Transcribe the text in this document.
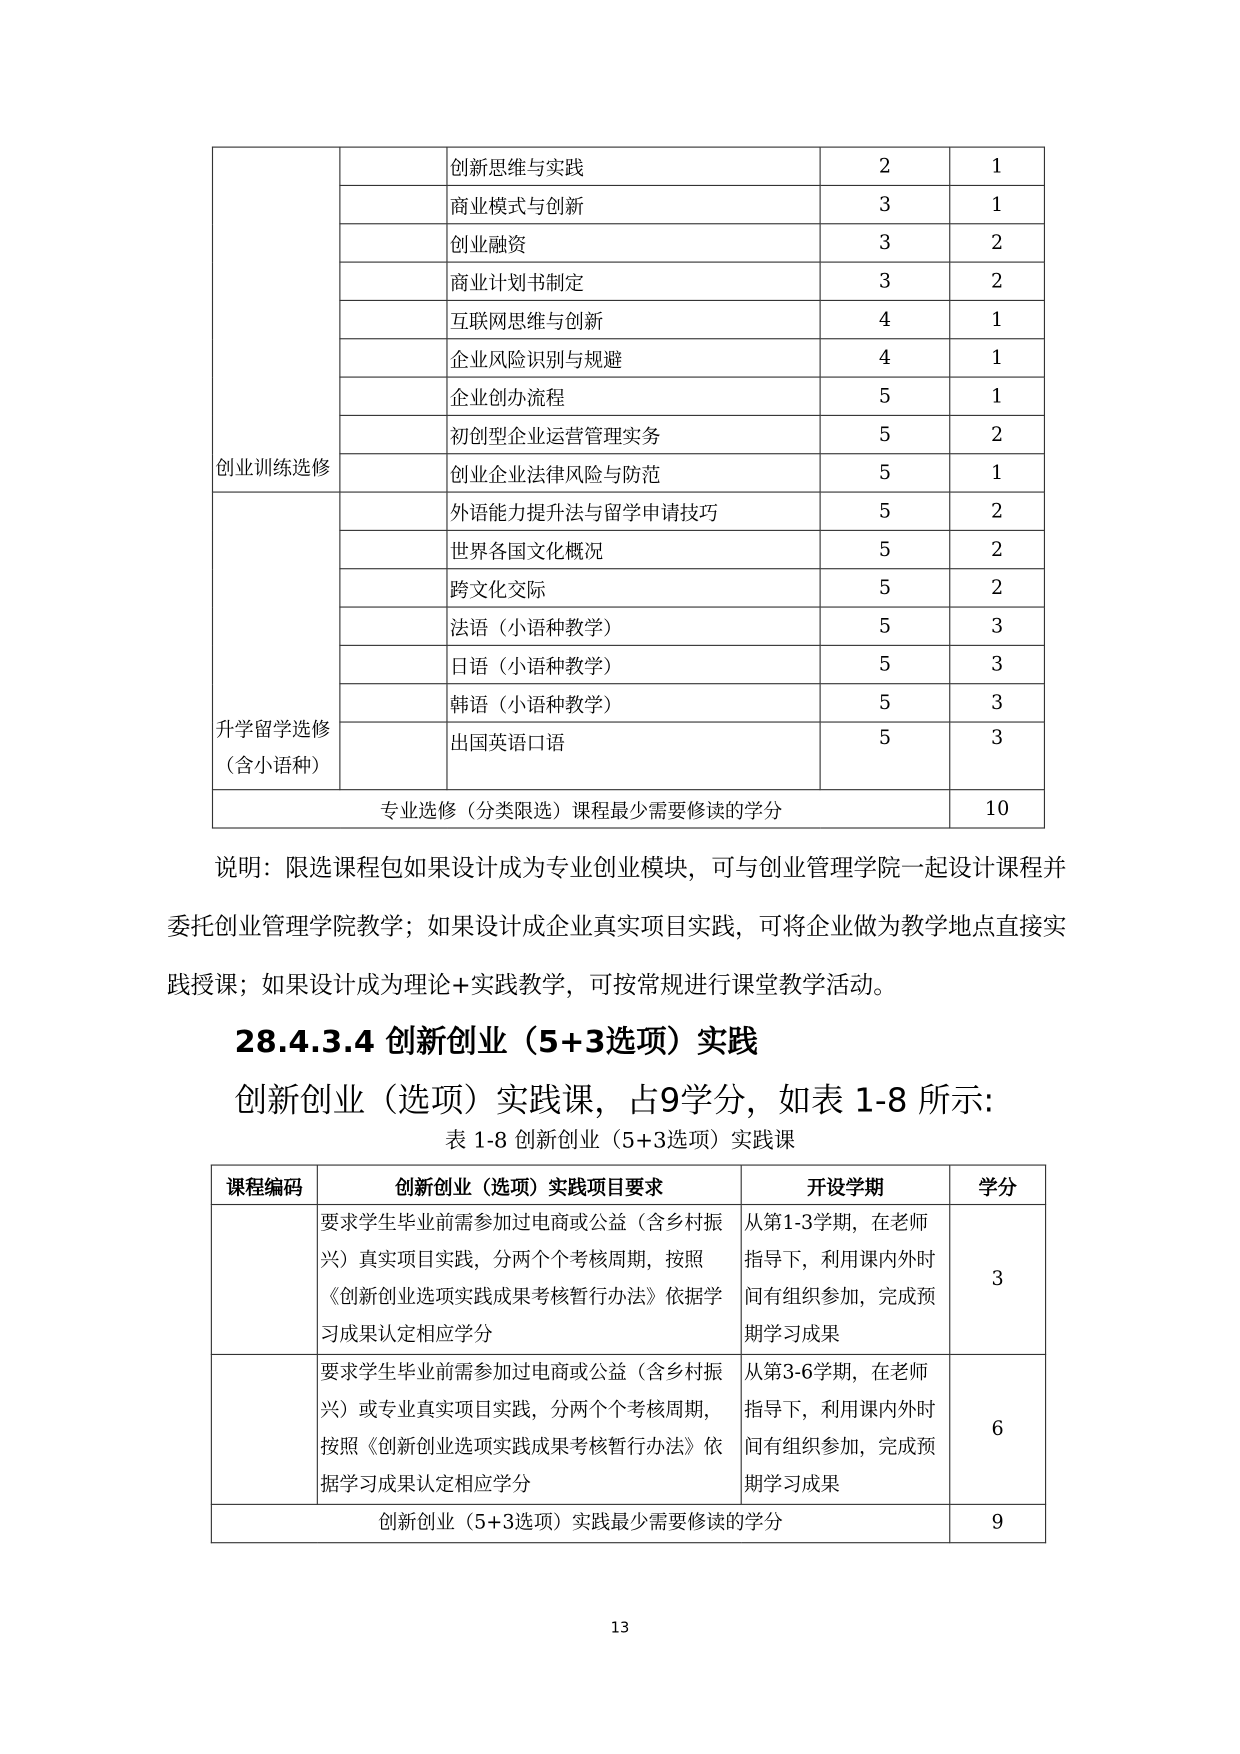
创业训练选修		创新思维与实践	2	1
		商业模式与创新	3	1
		创业融资	3	2
		商业计划书制定	3	2
		互联网思维与创新	4	1
		企业风险识别与规避	4	1
		企业创办流程	5	1
		初创型企业运营管理实务	5	2
		创业企业法律风险与防范	5	1
升学留学选修（含小语种）		外语能力提升法与留学申请技巧	5	2
		世界各国文化概况	5	2
		跨文化交际	5	2
		法语（小语种教学）	5	3
		日语（小语种教学）	5	3
		韩语（小语种教学）	5	3
		出国英语口语	5	3
专业选修（分类限选）课程最少需要修读的学分				10
说明：限选课程包如果设计成为专业创业模块，可与创业管理学院一起设计课程并委托创业管理学院教学；如果设计成企业真实项目实践，可将企业做为教学地点直接实践授课；如果设计成为理论+实践教学，可按常规进行课堂教学活动。
28.4.3.4 创新创业（5+3选项）实践
创新创业（选项）实践课，占9学分，如表 1-8 所示:
表 1-8 创新创业（5+3选项）实践课
课程编码	创新创业（选项）实践项目要求	开设学期	学分
	要求学生毕业前需参加过电商或公益（含乡村振兴）真实项目实践，分两个个考核周期，按照《创新创业选项实践成果考核暂行办法》依据学习成果认定相应学分	从第1-3学期，在老师指导下，利用课内外时间有组织参加，完成预期学习成果	3
	要求学生毕业前需参加过电商或公益（含乡村振兴）或专业真实项目实践，分两个个考核周期，按照《创新创业选项实践成果考核暂行办法》依据学习成果认定相应学分	从第3-6学期，在老师指导下，利用课内外时间有组织参加，完成预期学习成果	6
创新创业（5+3选项）实践最少需要修读的学分			9
13
